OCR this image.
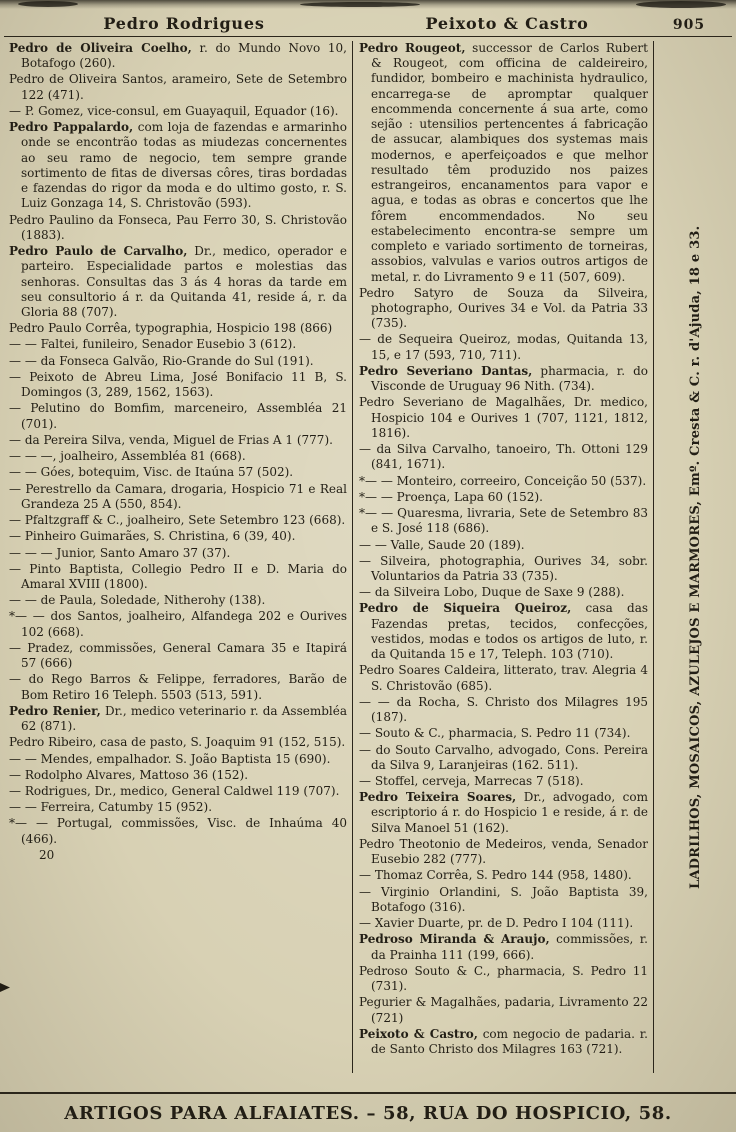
Pedro Rodrigues	Peixoto & Castro	905

Pedro de Oliveira Coelho, r. do Mundo Novo 10, Botafogo (260).

Pedro de Oliveira Santos, arameiro, Sete de Setembro 122 (471).

— P. Gomez, vice-consul, em Guayaquil, Equador (16).

Pedro Pappalardo, com loja de fazendas e armarinho onde se encontrão todas as miudezas concernentes ao seu ramo de negocio, tem sempre grande sortimento de fitas de diversas côres, tiras bordadas e fazendas do rigor da moda e do ultimo gosto, r. S. Luiz Gonzaga 14, S. Christovão (593).

Pedro Paulino da Fonseca, Pau Ferro 30, S. Christovão (1883).

Pedro Paulo de Carvalho, Dr., medico, operador e parteiro. Especialidade partos e molestias das senhoras. Consultas das 3 ás 4 horas da tarde em seu consultorio á r. da Quitanda 41, reside á, r. da Gloria 88 (707).

Pedro Paulo Corrêa, typographia, Hospicio 198 (866)

— — Faltei, funileiro, Senador Eusebio 3 (612).

— — da Fonseca Galvão, Rio-Grande do Sul (191).

— Peixoto de Abreu Lima, José Bonifacio 11 B, S. Domingos (3, 289, 1562, 1563).

— Pelutino do Bomfim, marceneiro, Assembléa 21 (701).

— da Pereira Silva, venda, Miguel de Frias A 1 (777).

— — —, joalheiro, Assembléa 81 (668).

— — Góes, botequim, Visc. de Itaúna 57 (502).

— Perestrello da Camara, drogaria, Hospicio 71 e Real Grandeza 25 A (550, 854).

— Pfaltzgraff & C., joalheiro, Sete Setembro 123 (668).

— Pinheiro Guimarães, S. Christina, 6 (39, 40).

— — — Junior, Santo Amaro 37 (37).

— Pinto Baptista, Collegio Pedro II e D. Maria do Amaral XVIII (1800).

— — de Paula, Soledade, Nitherohy (138).

*— — dos Santos, joalheiro, Alfandega 202 e Ourives 102 (668).

— Pradez, commissões, General Camara 35 e Itapirá 57 (666)

— do Rego Barros & Felippe, ferradores, Barão de Bom Retiro 16 Teleph. 5503 (513, 591).

Pedro Renier, Dr., medico veterinario r. da Assembléa 62 (871).

Pedro Ribeiro, casa de pasto, S. Joaquim 91 (152, 515).

— — Mendes, empalhador. S. João Baptista 15 (690).

— Rodolpho Alvares, Mattoso 36 (152).

— Rodrigues, Dr., medico, General Caldwel 119 (707).

— — Ferreira, Catumby 15 (952).

*— — Portugal, commissões, Visc. de Inhaúma 40 (466).

20

Pedro Rougeot, successor de Carlos Rubert & Rougeot, com officina de caldeireiro, fundidor, bombeiro e machinista hydraulico, encarrega-se de apromptar qualquer encommenda concernente á sua arte, como sejão : utensilios pertencentes á fabricação de assucar, alambiques dos systemas mais modernos, e aperfeiçoados e que melhor resultado têm produzido nos paizes estrangeiros, encanamentos para vapor e agua, e todas as obras e concertos que lhe fôrem encommendados. No seu estabelecimento encontra-se sempre um completo e variado sortimento de torneiras, assobios, valvulas e varios outros artigos de metal, r. do Livramento 9 e 11 (507, 609).

Pedro Satyro de Souza da Silveira, photographo, Ourives 34 e Vol. da Patria 33 (735).

— de Sequeira Queiroz, modas, Quitanda 13, 15, e 17 (593, 710, 711).

Pedro Severiano Dantas, pharmacia, r. do Visconde de Uruguay 96 Nith. (734).

Pedro Severiano de Magalhães, Dr. medico, Hospicio 104 e Ourives 1 (707, 1121, 1812, 1816).

— da Silva Carvalho, tanoeiro, Th. Ottoni 129 (841, 1671).

*— — Monteiro, correeiro, Conceição 50 (537).

*— — Proença, Lapa 60 (152).

*— — Quaresma, livraria, Sete de Setembro 83 e S. José 118 (686).

— — Valle, Saude 20 (189).

— Silveira, photographia, Ourives 34, sobr. Voluntarios da Patria 33 (735).

— da Silveira Lobo, Duque de Saxe 9 (288).

Pedro de Siqueira Queiroz, casa das Fazendas pretas, tecidos, confecções, vestidos, modas e todos os artigos de luto, r. da Quitanda 15 e 17, Teleph. 103 (710).

Pedro Soares Caldeira, litterato, trav. Alegria 4 S. Christovão (685).

— — da Rocha, S. Christo dos Milagres 195 (187).

— Souto & C., pharmacia, S. Pedro 11 (734).

— do Souto Carvalho, advogado, Cons. Pereira da Silva 9, Laranjeiras (162. 511).

— Stoffel, cerveja, Marrecas 7 (518).

Pedro Teixeira Soares, Dr., advogado, com escriptorio á r. do Hospicio 1 e reside, á r. de Silva Manoel 51 (162).

Pedro Theotonio de Medeiros, venda, Senador Eusebio 282 (777).

— Thomaz Corrêa, S. Pedro 144 (958, 1480).

— Virginio Orlandini, S. João Baptista 39, Botafogo (316).

— Xavier Duarte, pr. de D. Pedro I 104 (111).

Pedroso Miranda & Araujo, commissões, r. da Prainha 111 (199, 666).

Pedroso Souto & C., pharmacia, S. Pedro 11 (731).

Pegurier & Magalhães, padaria, Livramento 22 (721)

Peixoto & Castro, com negocio de padaria. r. de Santo Christo dos Milagres 163 (721).

LADRILHOS, MOSAICOS, AZULEJOS E MARMORES, Emº. Cresta & C. r. d'Ajuda, 18 e 33.
ARTIGOS PARA ALFAIATES. – 58, RUA DO HOSPICIO, 58.
